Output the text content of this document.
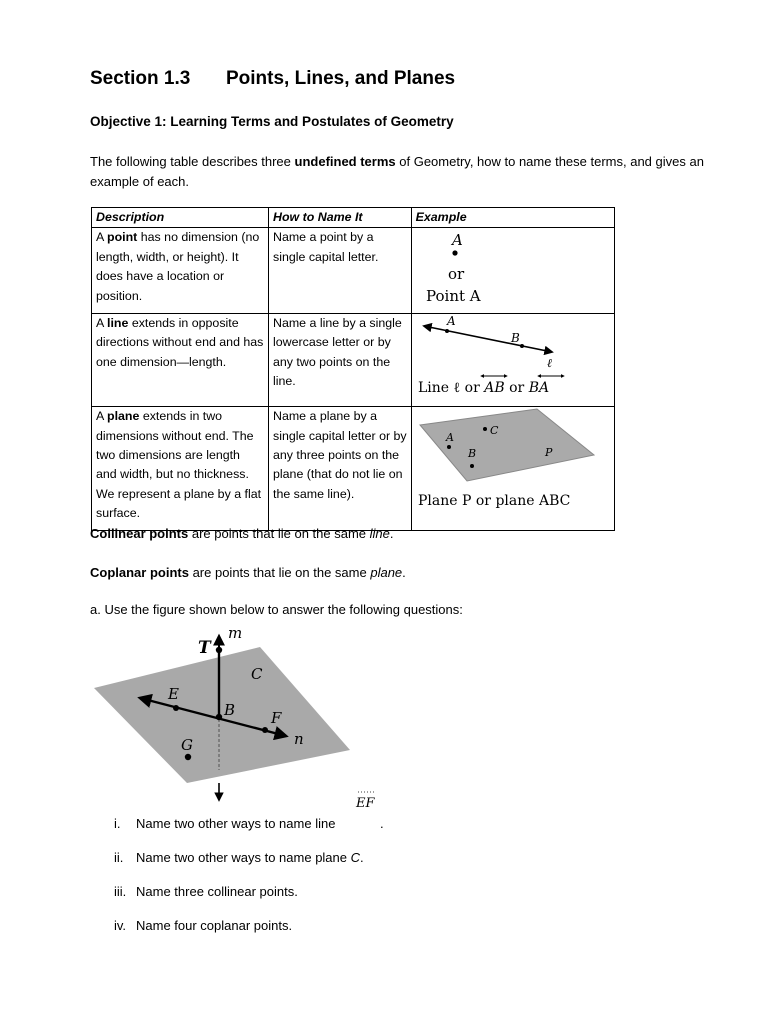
Section 1.3 Points, Lines, and Planes
Objective 1: Learning Terms and Postulates of Geometry
The following table describes three undefined terms of Geometry, how to name these terms, and gives an example of each.
Description	How to Name It	Example
A point has no dimension (no length, width, or height). It does have a location or position.	Name a point by a single capital letter.	A
or
Point A

A line extends in opposite directions without end and has one dimension—length.	Name a line by a single lowercase letter or by any two points on the line.	A
B
ℓ
Line ℓ or AB or BA

A plane extends in two dimensions without end. The two dimensions are length and width, but no thickness. We represent a plane by a flat surface.	Name a plane by a single capital letter or by any three points on the plane (that do not lie on the same line).	A
C
B P
Plane P or plane ABC
Collinear points are points that lie on the same line.
Coplanar points are points that lie on the same plane.
a. Use the figure shown below to answer the following questions:
T
m
C
E
B F
n
G
EF
.
i. Name two other ways to name line
ii. Name two other ways to name plane C.
iii. Name three collinear points.
iv. Name four coplanar points.
